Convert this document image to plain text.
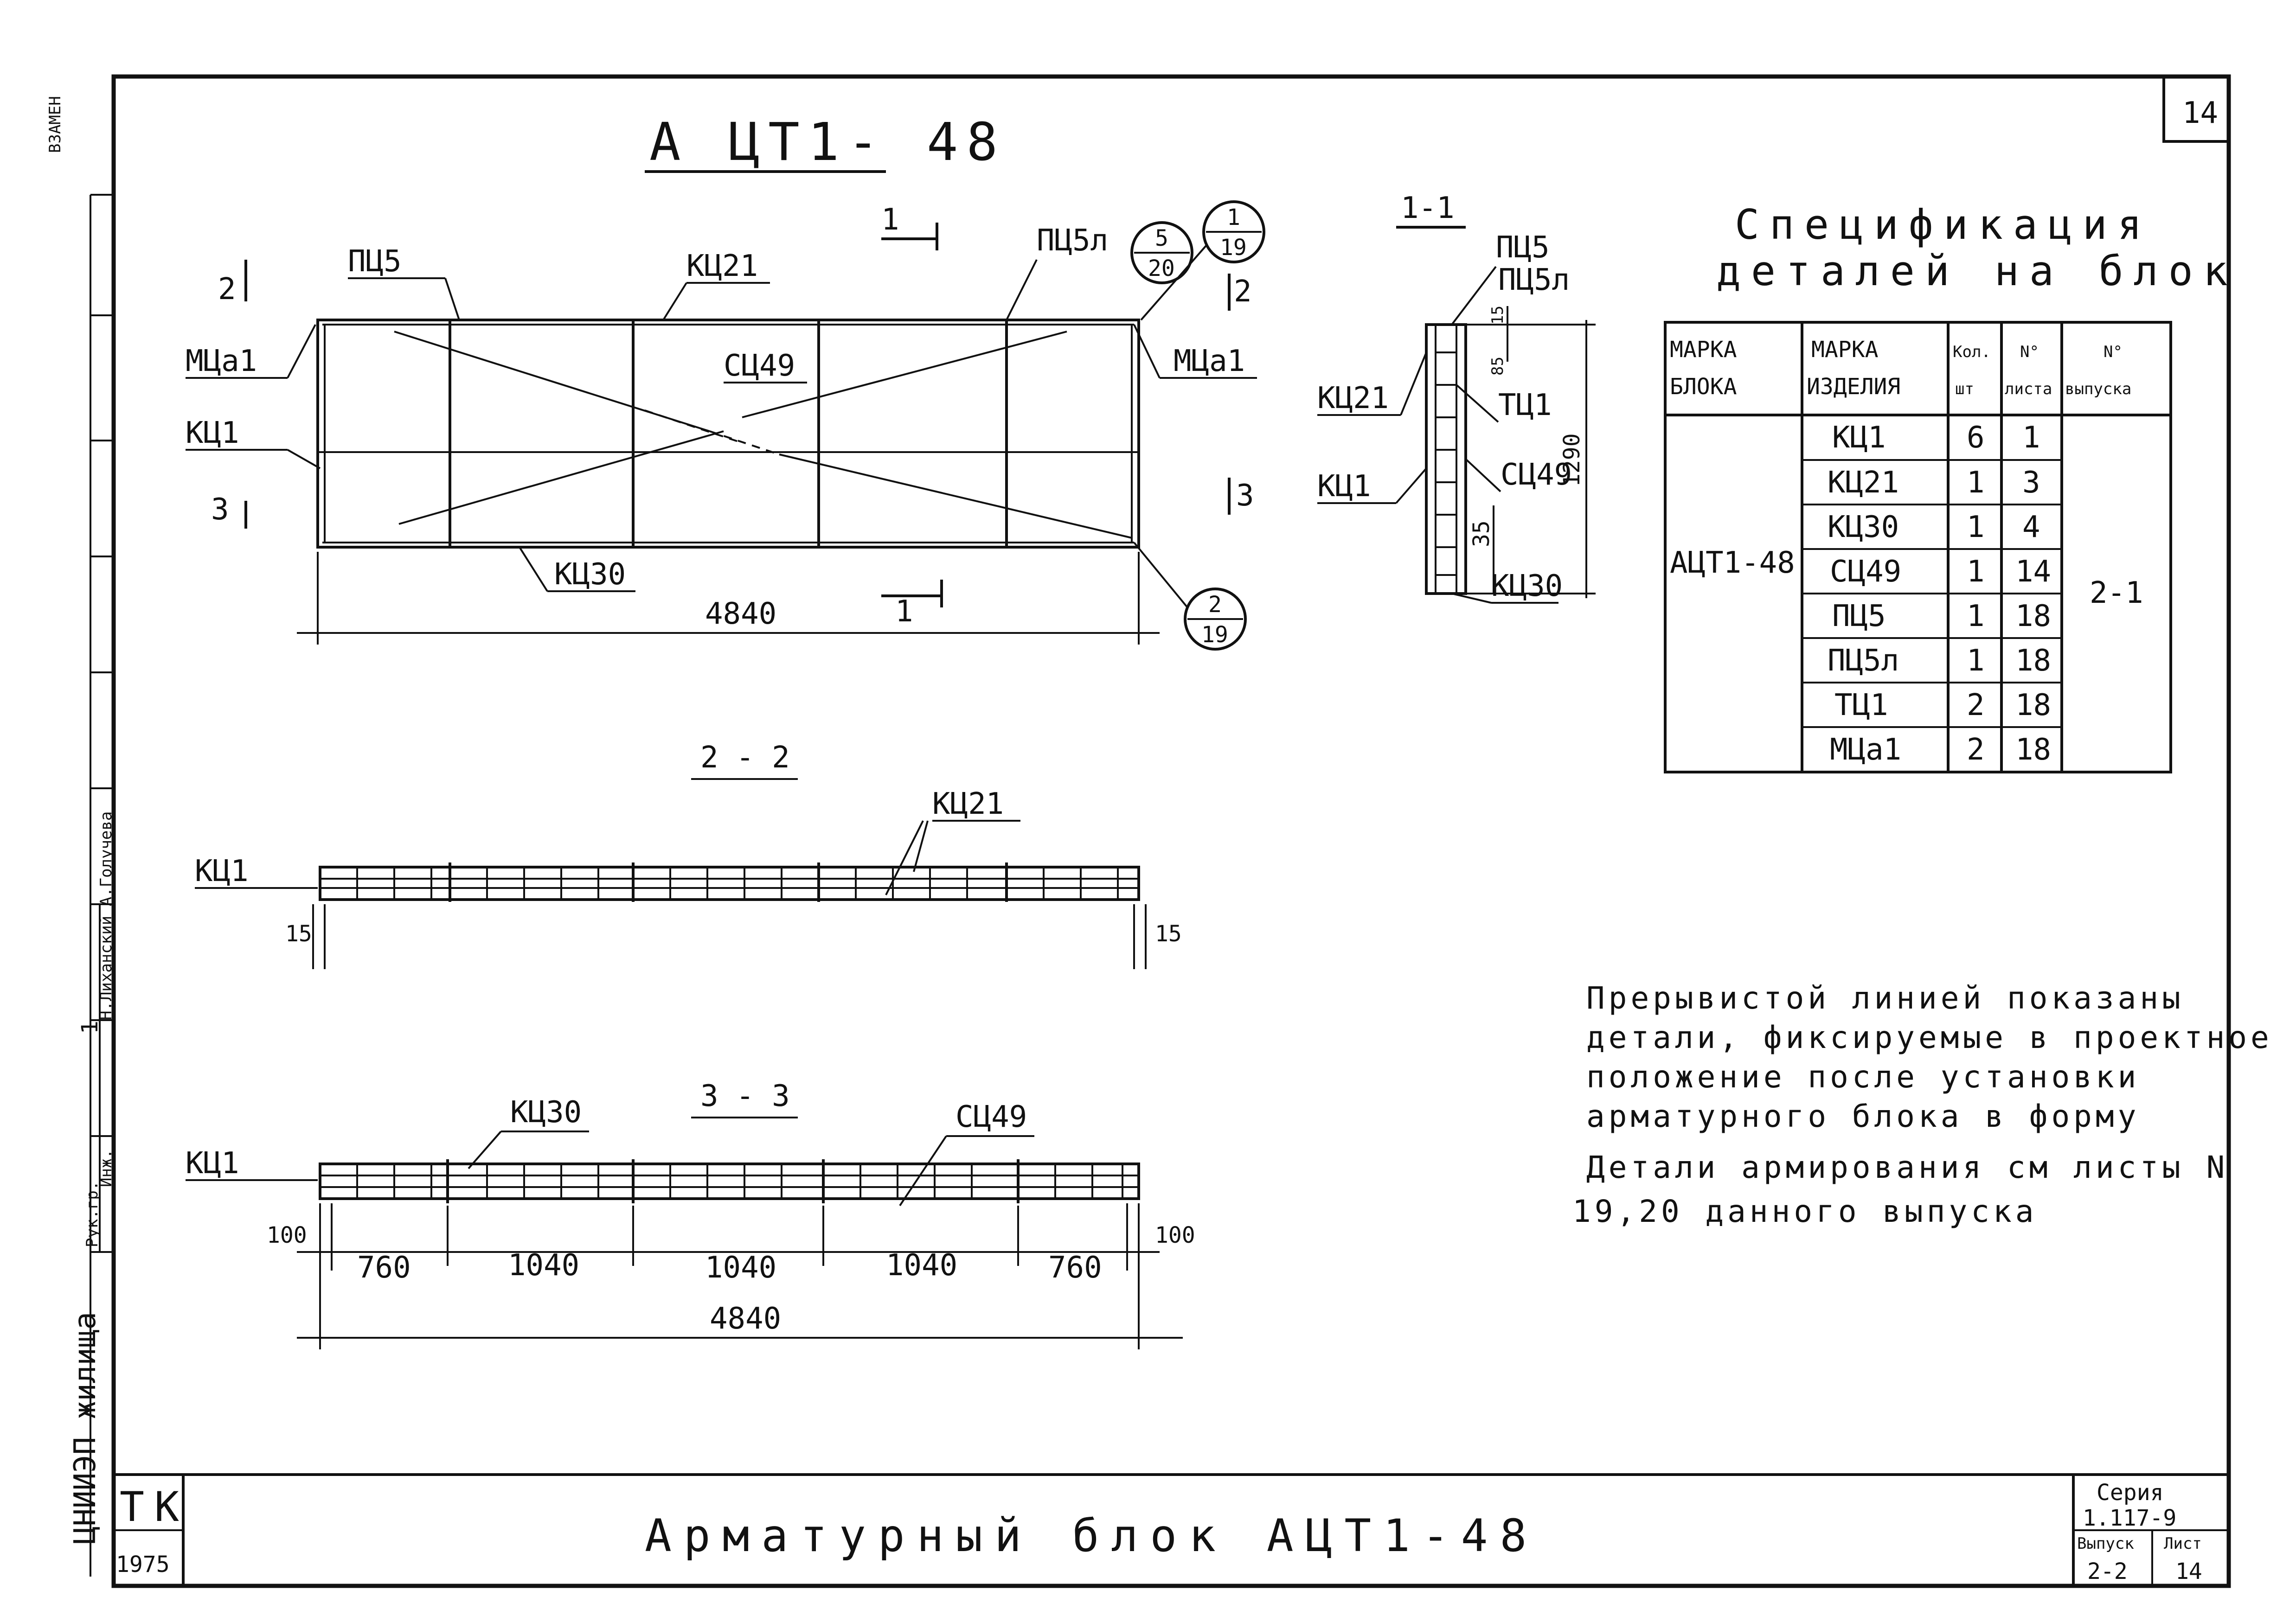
14
ВЗАМЕН
Н.Лиханский А.Голучева
1
Рук.гр.
Инж.
ЦНИИЭП жилища
А ЦТ1- 48
ПЦ5	КЦ21
ПЦ5л
МЦа1	МЦа1
КЦ1
СЦ49
КЦ30
1
1
2	2
3	3
5
20
1
19
2
19
4840
1-1
1290
15
85
35
ПЦ5
ПЦ5л
КЦ21	ТЦ1
КЦ1	СЦ49
КЦ30
2 - 2
КЦ1
КЦ21
15	15
3 - 3
КЦ1
КЦ30	СЦ49
100
760	1040	1040	1040	760
100
4840
Спецификация
деталей на блок
МАРКА
БЛОКА
МАРКА
ИЗДЕЛИЯ
Кол.
шт
N°
листа
N°
выпуска
АЦТ1-48
2-1
КЦ1	6 1
КЦ21 1 3
КЦ30 1 4
СЦ49 1 14
ПЦ5	1 18
ПЦ5л 1 18
ТЦ1	2 18
МЦа1 2 18
Прерывистой линией показаны
детали, фиксируемые в проектное
положение после установки
арматурного блока в форму
Детали армирования см листы N
19,20 данного выпуска
ТК
1975
Арматурный блок АЦТ1-48
Серия
1.117-9
Выпуск
2-2
Лист
14
